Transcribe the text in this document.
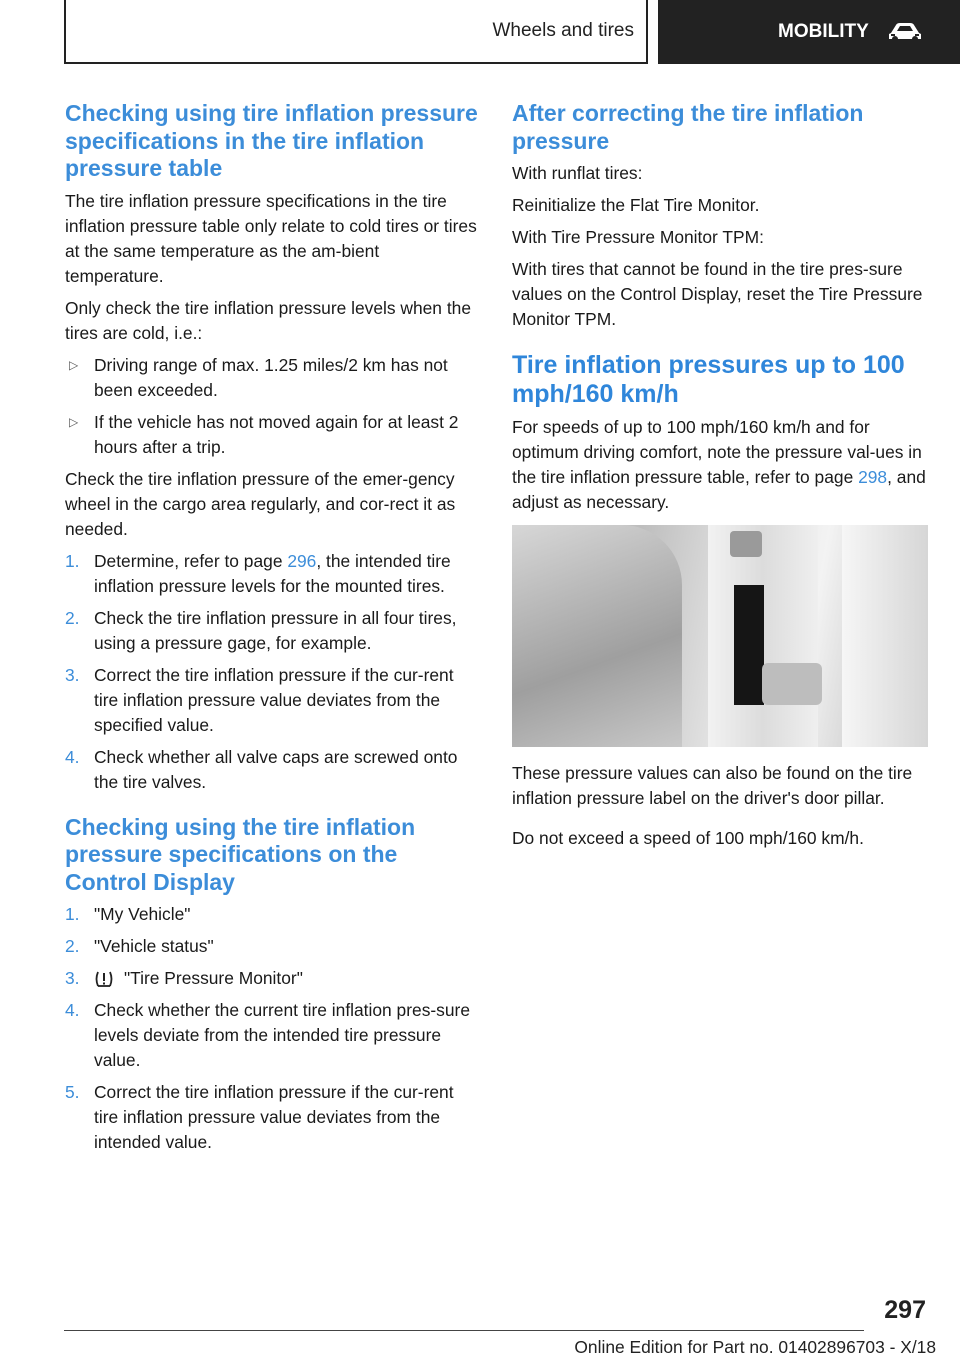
Wheels and tires	MOBILITY
Checking using tire inflation pressure specifications in the tire inflation pressure table

The tire inflation pressure specifications in the tire inflation pressure table only relate to cold tires or tires at the same temperature as the am-bient temperature.

Only check the tire inflation pressure levels when the tires are cold, i.e.:

▷ Driving range of max. 1.25 miles/2 km has not been exceeded.
▷ If the vehicle has not moved again for at least 2 hours after a trip.

Check the tire inflation pressure of the emer-gency wheel in the cargo area regularly, and cor-rect it as needed.

1. Determine, refer to page 296, the intended tire inflation pressure levels for the mounted tires.
2. Check the tire inflation pressure in all four tires, using a pressure gage, for example.
3. Correct the tire inflation pressure if the cur-rent tire inflation pressure value deviates from the specified value.
4. Check whether all valve caps are screwed onto the tire valves.
Checking using the tire inflation pressure specifications on the Control Display
1. "My Vehicle"
2. "Vehicle status"
3.	"Tire Pressure Monitor"
4. Check whether the current tire inflation pres-sure levels deviate from the intended tire pressure value.
5. Correct the tire inflation pressure if the cur-rent tire inflation pressure value deviates from the intended value.
After correcting the tire inflation pressure

With runflat tires:

Reinitialize the Flat Tire Monitor.

With Tire Pressure Monitor TPM:

With tires that cannot be found in the tire pres-sure values on the Control Display, reset the Tire Pressure Monitor TPM.

Tire inflation pressures up to 100 mph/160 km/h

For speeds of up to 100 mph/160 km/h and for optimum driving comfort, note the pressure val-ues in the tire inflation pressure table, refer to page 298, and adjust as necessary.

These pressure values can also be found on the tire inflation pressure label on the driver's door pillar.

Do not exceed a speed of 100 mph/160 km/h.

297
Online Edition for Part no. 01402896703 - X/18
